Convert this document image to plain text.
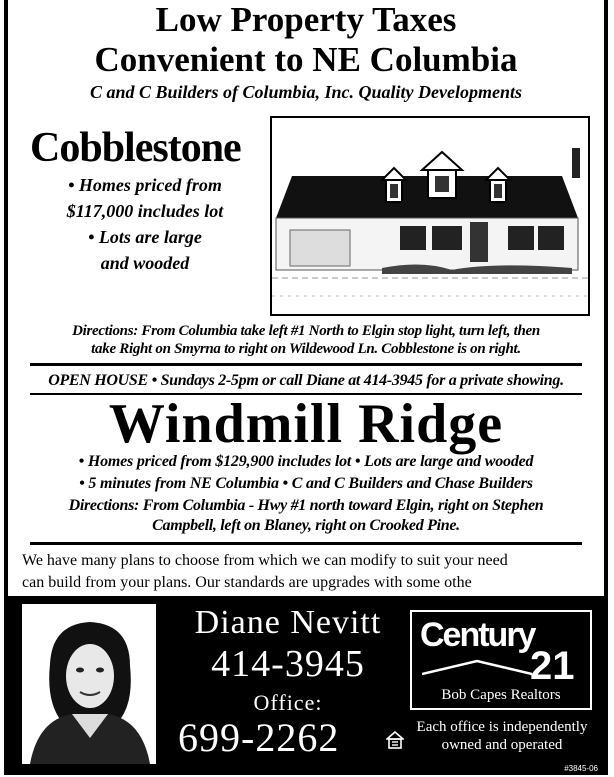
Low Property Taxes
Convenient to NE Columbia
C and C Builders of Columbia, Inc. Quality Developments
Cobblestone
• Homes priced from
$117,000 includes lot
• Lots are large
and wooded
Directions: From Columbia take left #1 North to Elgin stop light, turn left, then
take Right on Smyrna to right on Wildewood Ln. Cobblestone is on right.
OPEN HOUSE • Sundays 2-5pm or call Diane at 414-3945 for a private showing.
Windmill Ridge
• Homes priced from $129,900 includes lot • Lots are large and wooded
• 5 minutes from NE Columbia • C and C Builders and Chase Builders
Directions: From Columbia - Hwy #1 north toward Elgin, right on Stephen
Campbell, left on Blaney, right on Crooked Pine.
We have many plans to choose from which we can modify to suit your need
can build from your plans. Our standards are upgrades with some othe
Diane Nevitt
414-3945
Office:
699-2262
Century
21
Bob Capes Realtors
Each office is independently owned and operated
#3845-06
